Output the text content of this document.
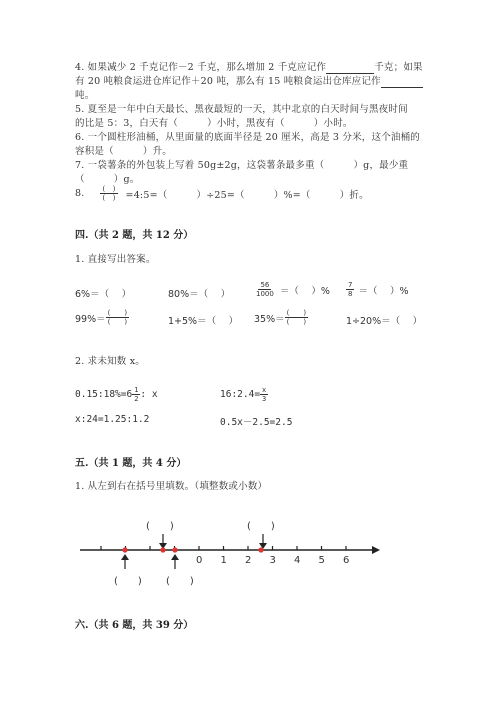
4. 如果减少 2 千克记作－2 千克，那么增加 2 千克应记作	千克；如果
有 20 吨粮食运进仓库记作＋20 吨，那么有 15 吨粮食运出仓库应记作
吨。
5. 夏至是一年中白天最长、黑夜最短的一天，其中北京的白天时间与黑夜时间
的比是 5：3，白天有（　　　）小时，黑夜有（　　　）小时。
6. 一个圆柱形油桶，从里面量的底面半径是 20 厘米，高是 3 分米，这个油桶的
容积是（　　　）升。
7. 一袋薯条的外包装上写着 50g±2g，这袋薯条最多重（　　　）g，最少重
（　　　）g。
8. $\frac{( )}{( )}$ =4:5=（　　　）÷25=（　　　）%=（　　　）折。
四.（共 2 题，共 12 分）
1. 直接写出答案。
6%＝（　 ）	80%＝（　 ）	$\frac{56}{1000}$ ＝（　 ）% $\frac{7}{8}$ ＝（　 ）%
$99\%= \frac{( )}{( )}$	1+5%＝（　 ） $35\%= \frac{( )}{( )}$	1÷20%＝（　 ）
2. 求未知数 x。
0.15:18%=6 $\frac{1}{2}$ : x	16:2.4= $\frac{x}{3}$
x:24=1.25:1.2	0.5x－2.5=2.5
五.（共 1 题，共 4 分）
1. 从左到右在括号里填数。（填整数或小数）
(　　)	(　　)
(　　) (　　)
0 1 2 3 4 5 6
六.（共 6 题，共 39 分）
